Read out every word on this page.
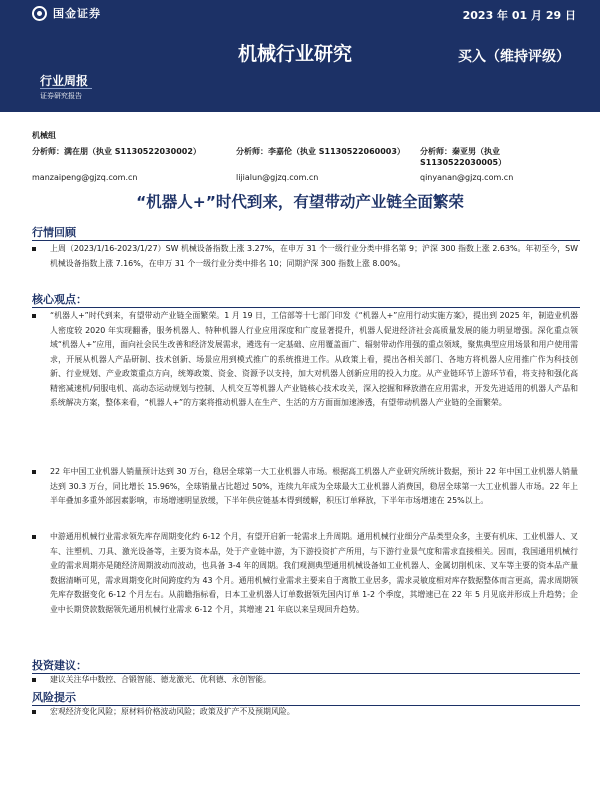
国金证券	2023 年 01 月 29 日
机械行业研究	买入（维持评级）
行业周报
证券研究报告
机械组
分析师：满在朋（执业 S1130522030002）	分析师：李嘉伦（执业 S1130522060003）	分析师：秦亚男（执业 S1130522030005）
manzaipeng@gjzq.com.cn	lijialun@gjzq.com.cn	qinyanan@gjzq.com.cn
“机器人+”时代到来，有望带动产业链全面繁荣
行情回顾
上周（2023/1/16-2023/1/27）SW 机械设备指数上涨 3.27%，在申万 31 个一级行业分类中排名第 9；沪深 300 指数上涨 2.63%。年初至今，SW 机械设备指数上涨 7.16%，在申万 31 个一级行业分类中排名 10；同期沪深 300 指数上涨 8.00%。
核心观点：
“机器人+”时代到来，有望带动产业链全面繁荣。1 月 19 日，工信部等十七部门印发《“机器人+”应用行动实施方案》，提出到 2025 年，制造业机器人密度较 2020 年实现翻番，服务机器人、特种机器人行业应用深度和广度显著提升，机器人促进经济社会高质量发展的能力明显增强。深化重点领域“机器人+”应用，面向社会民生改善和经济发展需求，遴选有一定基础、应用覆盖面广、辐射带动作用强的重点领域，聚焦典型应用场景和用户使用需求，开展从机器人产品研制、技术创新、场景应用到模式推广的系统推进工作。从政策上看，提出各相关部门、各地方将机器人应用推广作为科技创新、行业规划、产业政策重点方向，统筹政策、资金、资源予以支持，加大对机器人创新应用的投入力度。从产业链环节上游环节看，将支持和强化高精密减速机/伺服电机、高动态运动规划与控制、人机交互等机器人产业链核心技术攻关，深入挖掘和释放潜在应用需求，开发先进适用的机器人产品和系统解决方案，整体来看，“机器人+”的方案将推动机器人在生产、生活的方方面面加速渗透，有望带动机器人产业链的全面繁荣。
22 年中国工业机器人销量预计达到 30 万台，稳居全球第一大工业机器人市场。根据高工机器人产业研究所统计数据，预计 22 年中国工业机器人销量达到 30.3 万台，同比增长 15.96%，全球销量占比超过 50%，连续九年成为全球最大工业机器人消费国，稳居全球第一大工业机器人市场。22 年上半年叠加多重外部因素影响，市场增速明显放缓，下半年供应链基本得到缓解，积压订单释放，下半年市场增速在 25%以上。
中游通用机械行业需求领先库存周期变化约 6-12 个月，有望开启新一轮需求上升周期。通用机械行业细分产品类型众多，主要有机床、工业机器人、叉车、注塑机、刀具、激光设备等，主要为资本品，处于产业链中游，为下游投资扩产所用，与下游行业景气度和需求直接相关。因而，我国通用机械行业的需求周期亦是随经济周期波动而波动，也具备 3-4 年的周期。我们观测典型通用机械设备如工业机器人、金属切削机床、叉车等主要的资本品产量数据清晰可见，需求周期变化时间跨度约为 43 个月。通用机械行业需求主要来自于离散工业居多，需求灵敏度相对库存数据整体而言更高，需求周期领先库存数据变化 6-12 个月左右。从前瞻指标看，日本工业机器人订单数据领先国内订单 1-2 个季度，其增速已在 22 年 5 月见底并形成上升趋势；企业中长期贷款数据领先通用机械行业需求 6-12 个月，其增速 21 年底以来呈现回升趋势。
投资建议：
建议关注华中数控、合锻智能、德龙激光、优利德、永创智能。
风险提示
宏观经济变化风险；原材料价格波动风险；政策及扩产不及预期风险。
